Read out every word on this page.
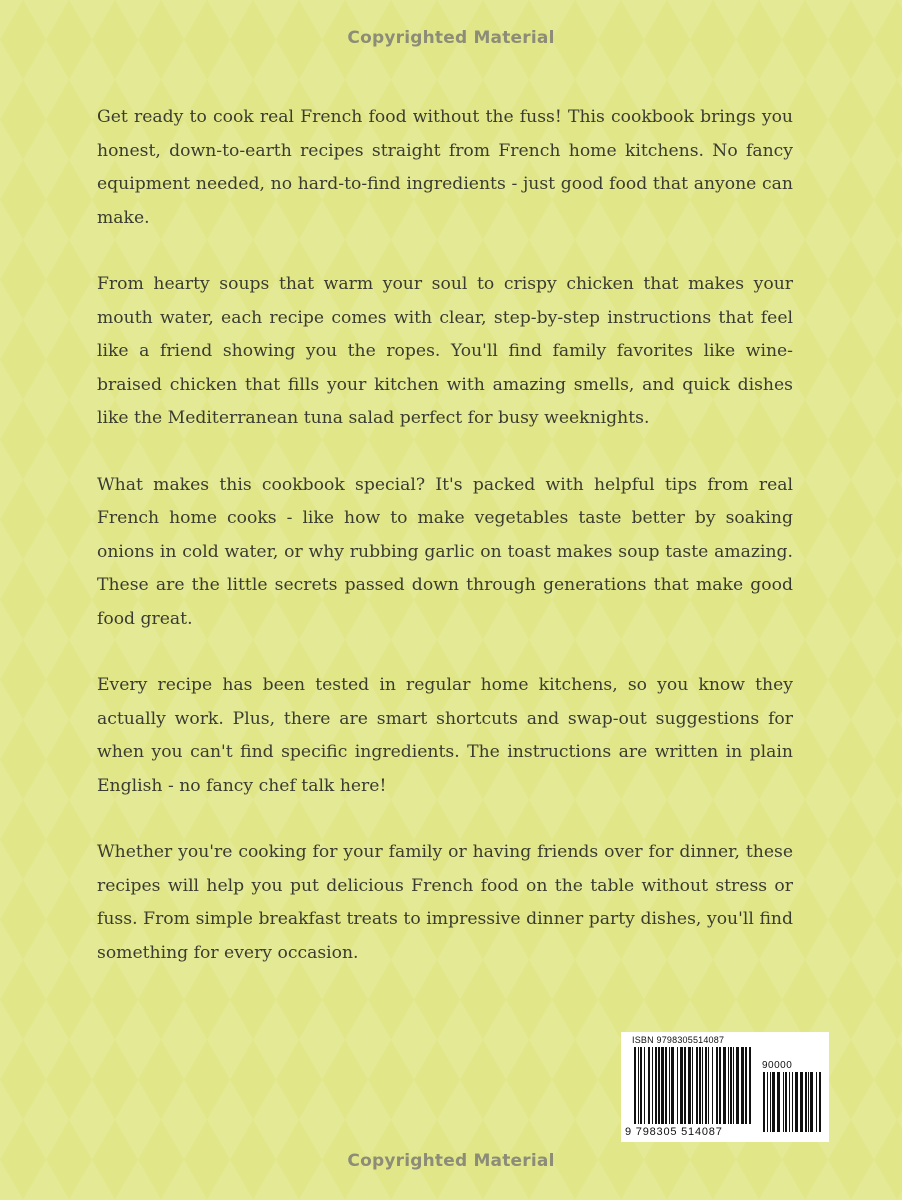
Copyrighted Material

Get ready to cook real French food without the fuss! This cookbook brings you honest, down-to-earth recipes straight from French home kitchens. No fancy equipment needed, no hard-to-find ingredients - just good food that anyone can make.

From hearty soups that warm your soul to crispy chicken that makes your mouth water, each recipe comes with clear, step-by-step instructions that feel like a friend showing you the ropes. You'll find family favorites like wine-braised chicken that fills your kitchen with amazing smells, and quick dishes like the Mediterranean tuna salad perfect for busy weeknights.

What makes this cookbook special? It's packed with helpful tips from real French home cooks - like how to make vegetables taste better by soaking onions in cold water, or why rubbing garlic on toast makes soup taste amazing. These are the little secrets passed down through generations that make good food great.

Every recipe has been tested in regular home kitchens, so you know they actually work. Plus, there are smart shortcuts and swap-out suggestions for when you can't find specific ingredients. The instructions are written in plain English - no fancy chef talk here!

Whether you're cooking for your family or having friends over for dinner, these recipes will help you put delicious French food on the table without stress or fuss. From simple breakfast treats to impressive dinner party dishes, you'll find something for every occasion.

ISBN 9798305514087
90000
9 798305 514087
Copyrighted Material
